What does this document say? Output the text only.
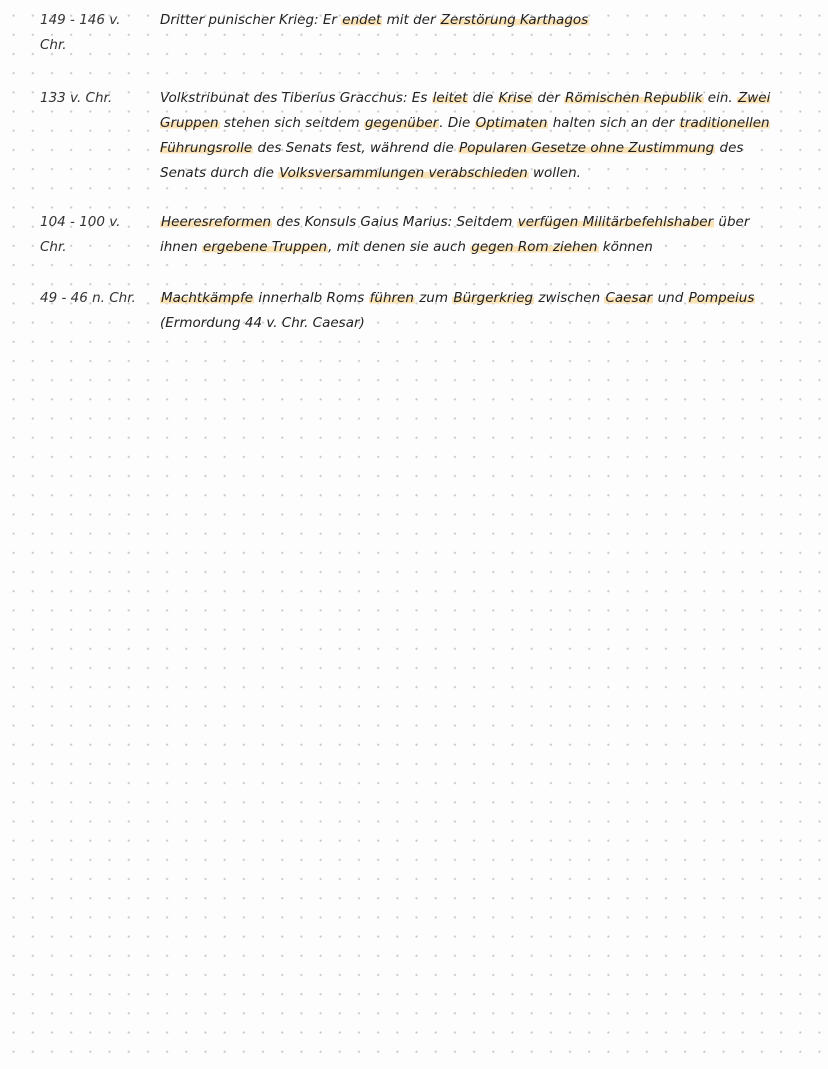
149 - 146 v. Chr.
Dritter punischer Krieg: Er endet mit der Zerstörung Karthagos
133 v. Chr.	Volkstribunat des Tiberius Gracchus: Es leitet die Krise der Römischen Republik ein. Zwei Gruppen stehen sich seitdem gegenüber. Die Optimaten halten sich an der traditionellen Führungsrolle des Senats fest, während die Popularen Gesetze ohne Zustimmung des Senats durch die Volksversammlungen verabschieden wollen.
104 - 100 v. Chr.
Heeresreformen des Konsuls Gaius Marius: Seitdem verfügen Militärbefehlshaber über ihnen ergebene Truppen, mit denen sie auch gegen Rom ziehen können
49 - 46 n. Chr.	Machtkämpfe innerhalb Roms führen zum Bürgerkrieg zwischen Caesar und Pompeius (Ermordung 44 v. Chr. Caesar)
